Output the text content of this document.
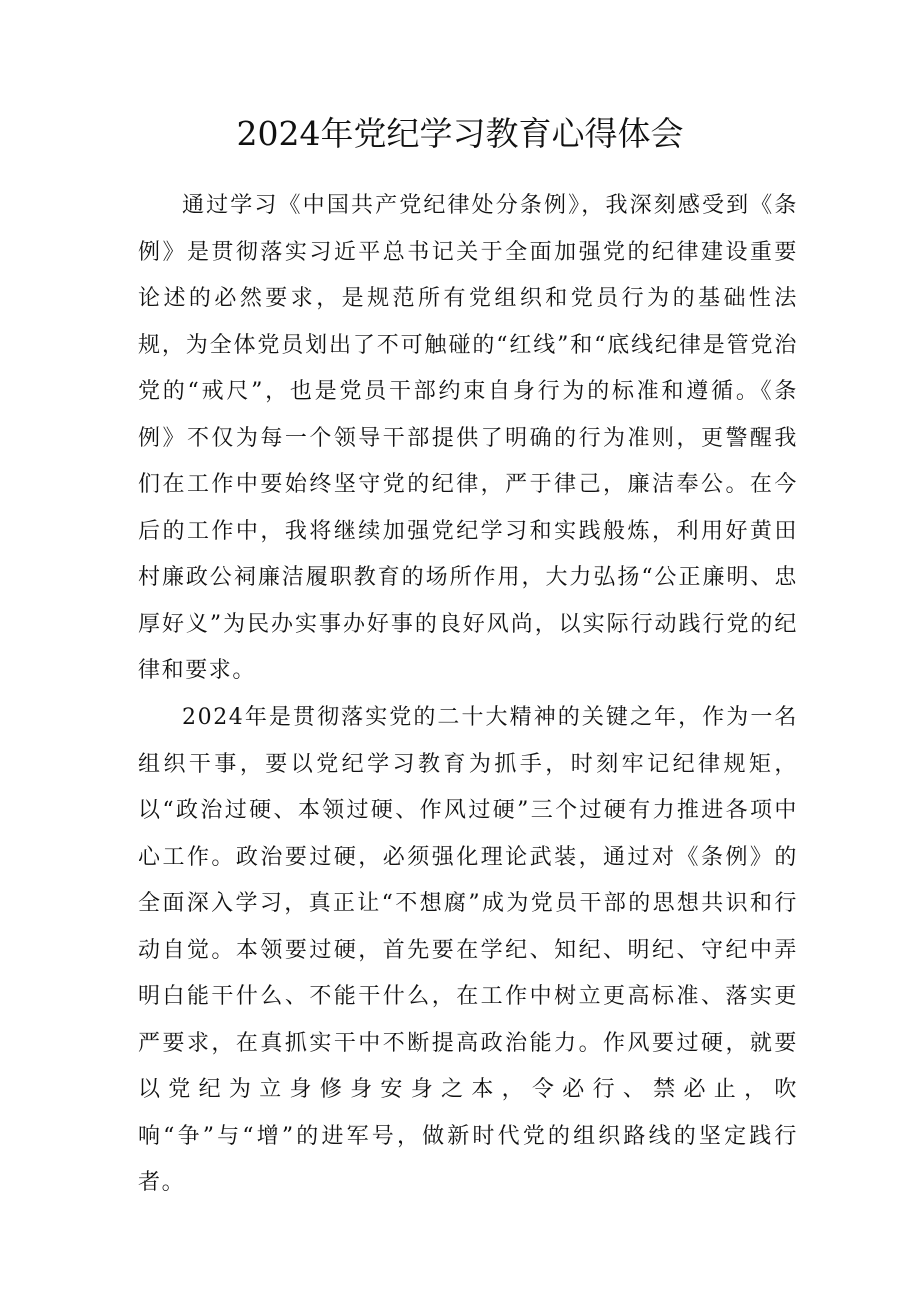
2024年党纪学习教育心得体会

通过学习《中国共产党纪律处分条例》，我深刻感受到《条例》是贯彻落实习近平总书记关于全面加强党的纪律建设重要论述的必然要求，是规范所有党组织和党员行为的基础性法规，为全体党员划出了不可触碰的“红线”和“底线纪律是管党治党的“戒尺”，也是党员干部约束自身行为的标准和遵循。《条例》不仅为每一个领导干部提供了明确的行为准则，更警醒我们在工作中要始终坚守党的纪律，严于律己，廉洁奉公。在今后的工作中，我将继续加强党纪学习和实践般炼，利用好黄田村廉政公祠廉洁履职教育的场所作用，大力弘扬“公正廉明、忠厚好义”为民办实事办好事的良好风尚，以实际行动践行党的纪律和要求。

2024年是贯彻落实党的二十大精神的关键之年，作为一名组织干事，要以党纪学习教育为抓手，时刻牢记纪律规矩，以“政治过硬、本领过硬、作风过硬”三个过硬有力推进各项中心工作。政治要过硬，必须强化理论武装，通过对《条例》的全面深入学习，真正让“不想腐”成为党员干部的思想共识和行动自觉。本领要过硬，首先要在学纪、知纪、明纪、守纪中弄明白能干什么、不能干什么，在工作中树立更高标准、落实更严要求，在真抓实干中不断提高政治能力。作风要过硬，就要以党纪为立身修身安身之本，令必行、禁必止，吹响“争”与“增”的进军号，做新时代党的组织路线的坚定践行者。
